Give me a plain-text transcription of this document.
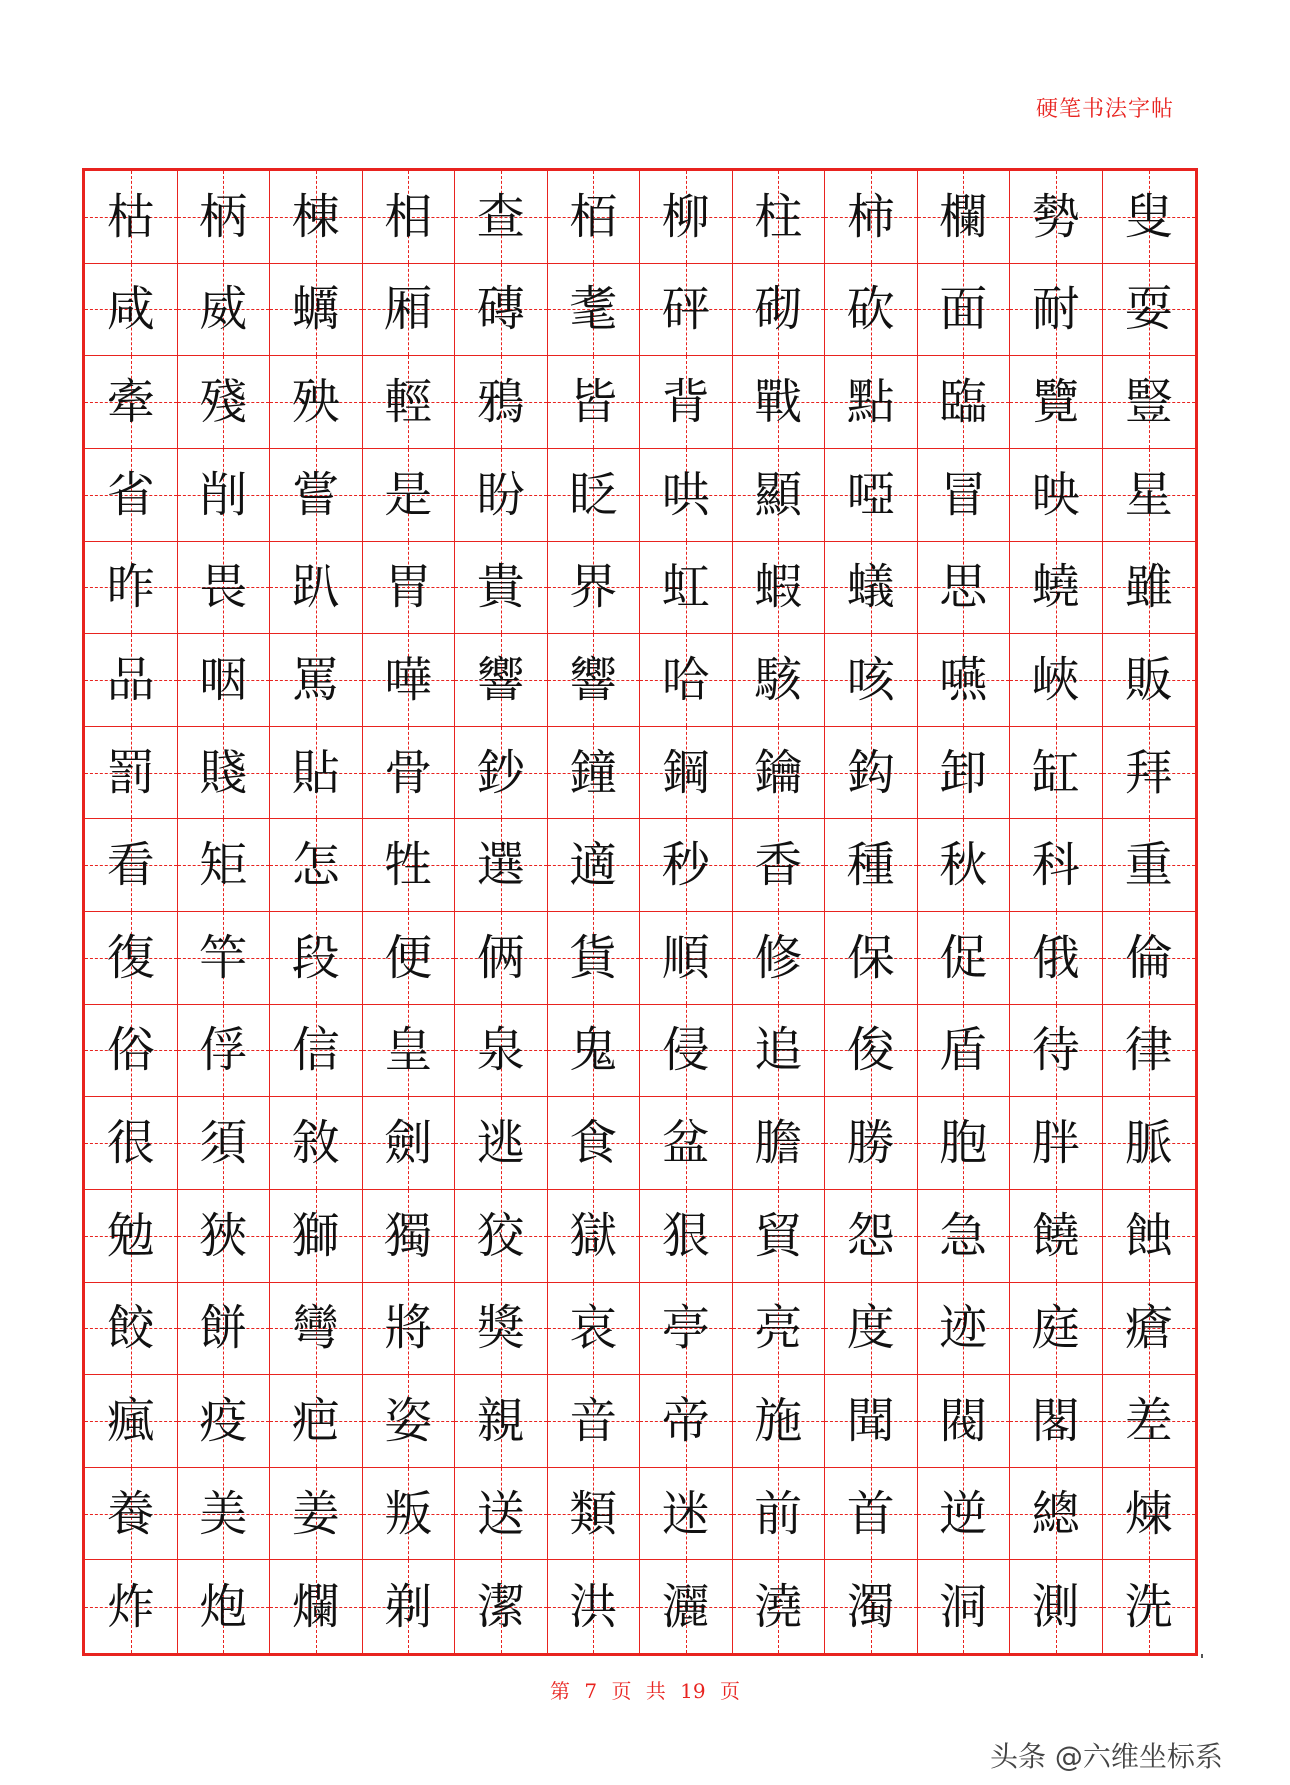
硬笔书法字帖
枯 柄 棟 相 查 栢 柳 柱 柿 欄 勢 叟
咸 威 蠣 厢 磚 耄 砰 砌 砍 面 耐 耍
牽 殘 殃 輕 鴉 皆 背 戰 點 臨 覽 豎
省 削 嘗 是 盼 眨 哄 顯 啞 冒 映 星
昨 畏 趴 胃 貴 界 虹 蝦 蟻 思 蟯 雖
品 咽 罵 嘩 響 響 哈 駭 咳 嚥 峽 販
罰 賤 貼 骨 鈔 鐘 鋼 鑰 鈎 卸 缸 拜
看 矩 怎 牲 選 適 秒 香 種 秋 科 重
復 竿 段 便 俩 貨 順 修 保 促 俄 倫
俗 俘 信 皇 泉 鬼 侵 追 俊 盾 待 律
很 須 敘 劍 逃 食 盆 膽 勝 胞 胖 脈
勉 狹 獅 獨 狡 獄 狠 貿 怨 急 饒 蝕
餃 餅 彎 將 獎 哀 亭 亮 度 迹 庭 瘡
瘋 疫 疤 姿 親 音 帝 施 聞 閥 閣 差
養 美 姜 叛 送 類 迷 前 首 逆 總 煉
炸 炮 爛 剃 潔 洪 灑 澆 濁 洞 測 洗
第 7 页 共 19 页
头条 @六维坐标系
